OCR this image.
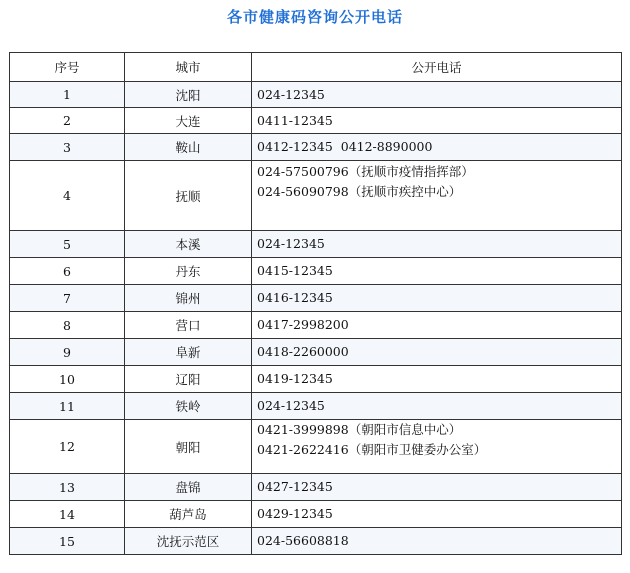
各市健康码咨询公开电话
序号	城市	公开电话
1	沈阳	024-12345

2	大连	0411-12345

3	鞍山	0412-12345  0412-8890000

4	抚顺	024-57500796（抚顺市疫情指挥部）
024-56090798（抚顺市疾控中心）

5	本溪	024-12345

6	丹东	0415-12345

7	锦州	0416-12345

8	营口	0417-2998200

9	阜新	0418-2260000

10	辽阳	0419-12345

11	铁岭	024-12345

12	朝阳	0421-3999898（朝阳市信息中心）
0421-2622416（朝阳市卫健委办公室）

13	盘锦	0427-12345

14	葫芦岛	0429-12345

15	沈抚示范区	024-56608818
